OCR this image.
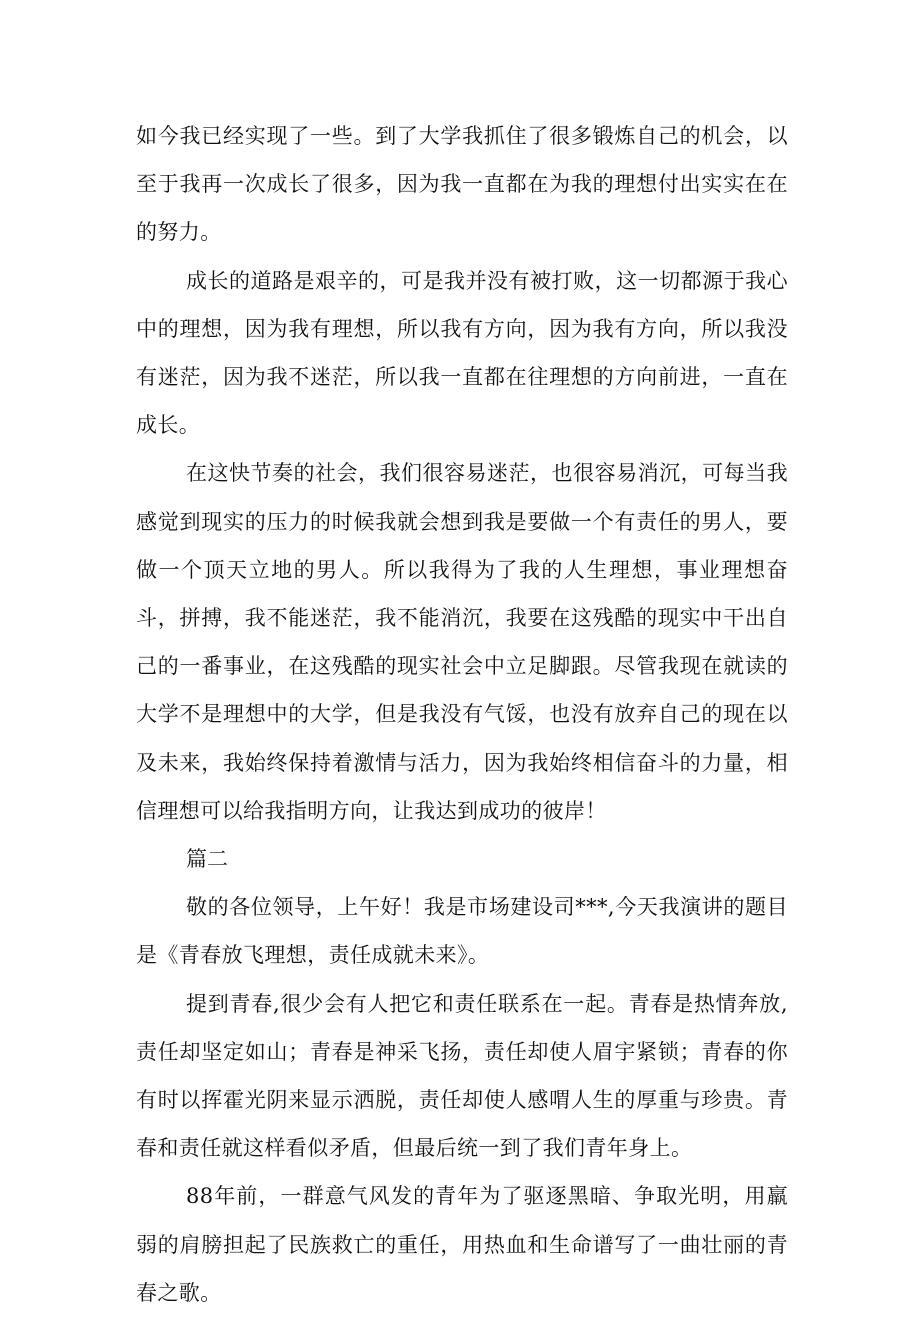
如今我已经实现了一些。到了大学我抓住了很多锻炼自己的机会，以至于我再一次成长了很多，因为我一直都在为我的理想付出实实在在的努力。

成长的道路是艰辛的，可是我并没有被打败，这一切都源于我心中的理想，因为我有理想，所以我有方向，因为我有方向，所以我没有迷茫，因为我不迷茫，所以我一直都在往理想的方向前进，一直在成长。

在这快节奏的社会，我们很容易迷茫，也很容易消沉，可每当我感觉到现实的压力的时候我就会想到我是要做一个有责任的男人，要做一个顶天立地的男人。所以我得为了我的人生理想，事业理想奋斗，拼搏，我不能迷茫，我不能消沉，我要在这残酷的现实中干出自己的一番事业，在这残酷的现实社会中立足脚跟。尽管我现在就读的大学不是理想中的大学，但是我没有气馁，也没有放弃自己的现在以及未来，我始终保持着激情与活力，因为我始终相信奋斗的力量，相信理想可以给我指明方向，让我达到成功的彼岸！

篇二

敬的各位领导，上午好！我是市场建设司***,今天我演讲的题目是《青春放飞理想，责任成就未来》。

提到青春,很少会有人把它和责任联系在一起。青春是热情奔放,责任却坚定如山；青春是神采飞扬，责任却使人眉宇紧锁；青春的你有时以挥霍光阴来显示洒脱，责任却使人感喟人生的厚重与珍贵。青春和责任就这样看似矛盾，但最后统一到了我们青年身上。

88年前，一群意气风发的青年为了驱逐黑暗、争取光明，用羸弱的肩膀担起了民族救亡的重任，用热血和生命谱写了一曲壮丽的青春之歌。
